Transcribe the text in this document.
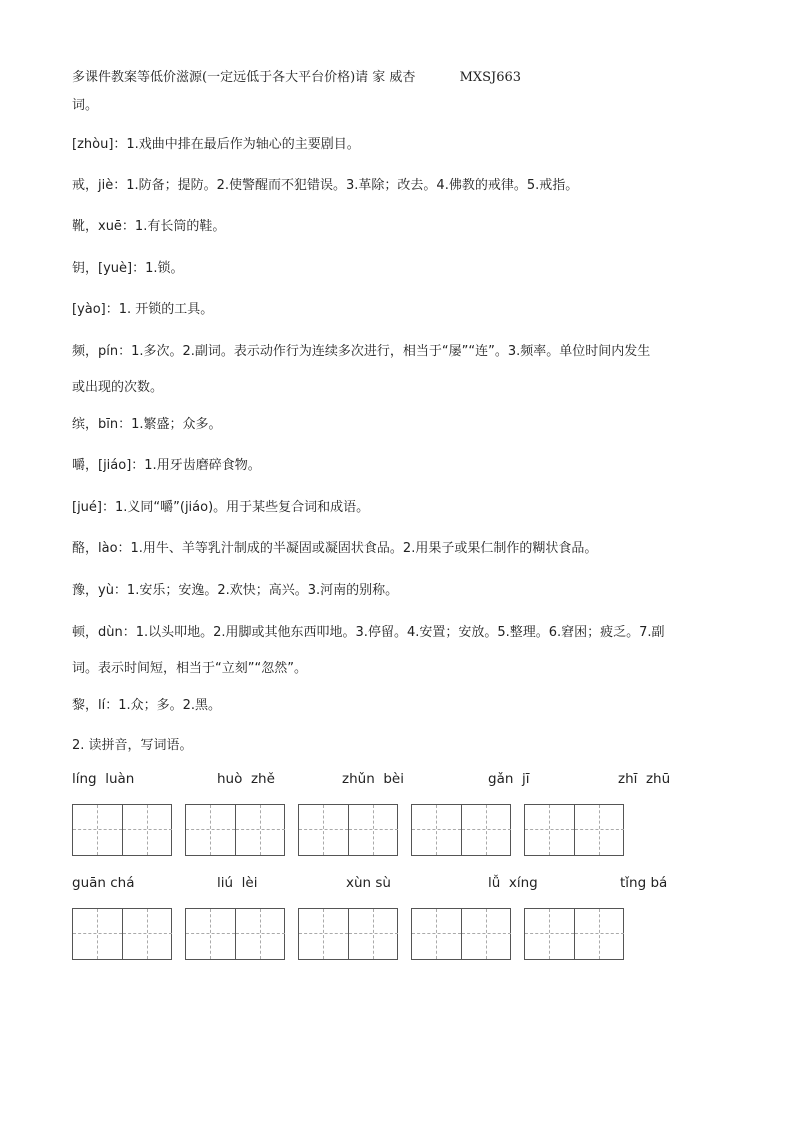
多课件教案等低价滋源(一定远低于各大平台价格)请 家 威杏	MXSJ663
词。
[zhòu]：1.戏曲中排在最后作为轴心的主要剧目。
戒，jiè：1.防备；提防。2.使警醒而不犯错误。3.革除；改去。4.佛教的戒律。5.戒指。
靴，xuē：1.有长筒的鞋。
钥，[yuè]：1.锁。
[yào]：1. 开锁的工具。
频，pín：1.多次。2.副词。表示动作行为连续多次进行，相当于“屡”“连”。3.频率。单位时间内发生
或出现的次数。
缤，bīn：1.繁盛；众多。
嚼，[jiáo]：1.用牙齿磨碎食物。
[jué]：1.义同“嚼”(jiáo)。用于某些复合词和成语。
酪，lào：1.用牛、羊等乳汁制成的半凝固或凝固状食品。2.用果子或果仁制作的糊状食品。
豫，yù：1.安乐；安逸。2.欢快；高兴。3.河南的别称。
顿，dùn：1.以头叩地。2.用脚或其他东西叩地。3.停留。4.安置；安放。5.整理。6.窘困；疲乏。7.副
词。表示时间短，相当于“立刻”“忽然”。
黎，lí：1.众；多。2.黑。
2. 读拼音，写词语。
líng  luàn	huò  zhě	zhǔn  bèi	gǎn  jī	zhī  zhū
guān chá	liú  lèi	xùn sù	lǚ  xíng	tǐng bá
